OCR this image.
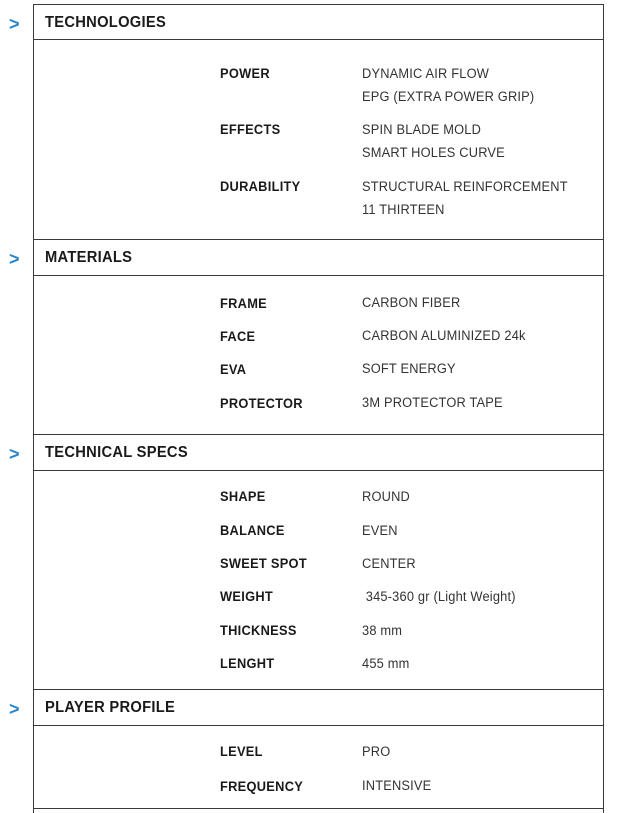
>	TECHNOLOGIES
POWER	DYNAMIC AIR FLOW
EPG (EXTRA POWER GRIP)
EFFECTS	SPIN BLADE MOLD
SMART HOLES CURVE
DURABILITY	STRUCTURAL REINFORCEMENT
11 THIRTEEN
>	MATERIALS
FRAME	CARBON FIBER
FACE	CARBON ALUMINIZED 24k
EVA	SOFT ENERGY
PROTECTOR	3M PROTECTOR TAPE
>	TECHNICAL SPECS
SHAPE	ROUND
BALANCE	EVEN
SWEET SPOT	CENTER
WEIGHT	345-360 gr (Light Weight)
THICKNESS	38 mm
LENGHT	455 mm
>	PLAYER PROFILE
LEVEL	PRO
FREQUENCY	INTENSIVE
